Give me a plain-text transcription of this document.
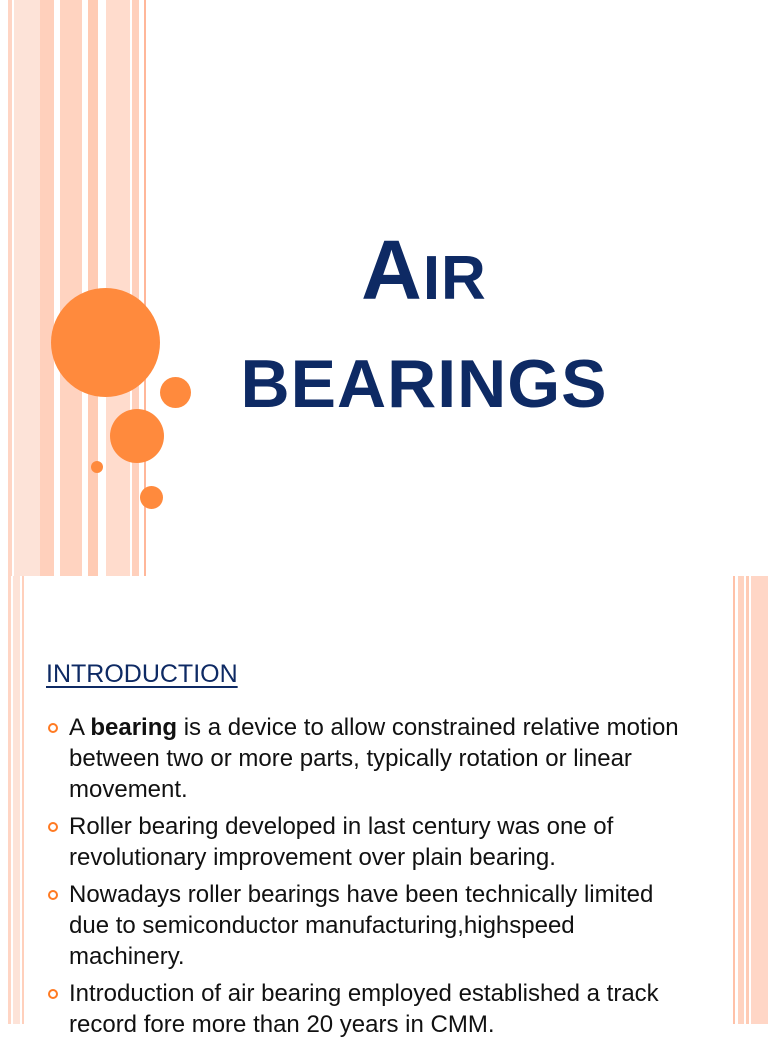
AIR
BEARINGS
INTRODUCTION
A bearing is a device to allow constrained relative motion between two or more parts, typically rotation or linear movement.
Roller bearing developed in last century was one of revolutionary improvement over plain bearing.
Nowadays roller bearings have been technically limited due to semiconductor manufacturing,highspeed machinery.
Introduction of air bearing employed established a track record fore more than 20 years in CMM.
